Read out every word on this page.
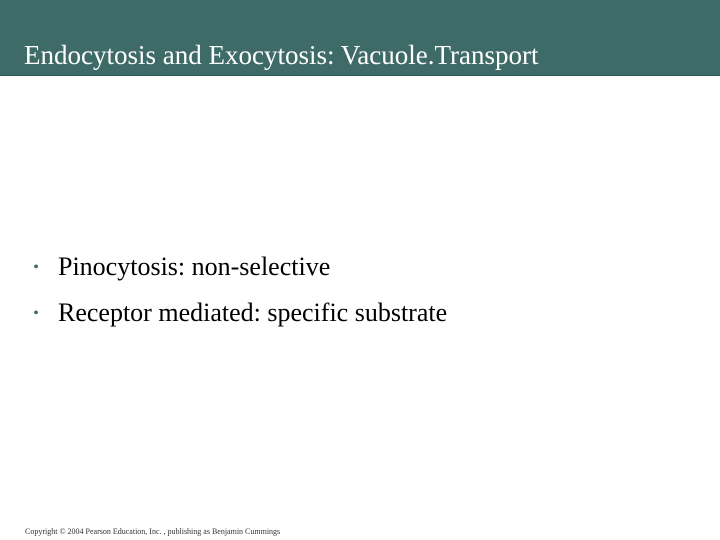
Endocytosis and Exocytosis: Vacuole.Transport
• Pinocytosis: non-selective
• Receptor mediated: specific substrate
Copyright © 2004 Pearson Education, Inc. , publishing as Benjamin Cummings
